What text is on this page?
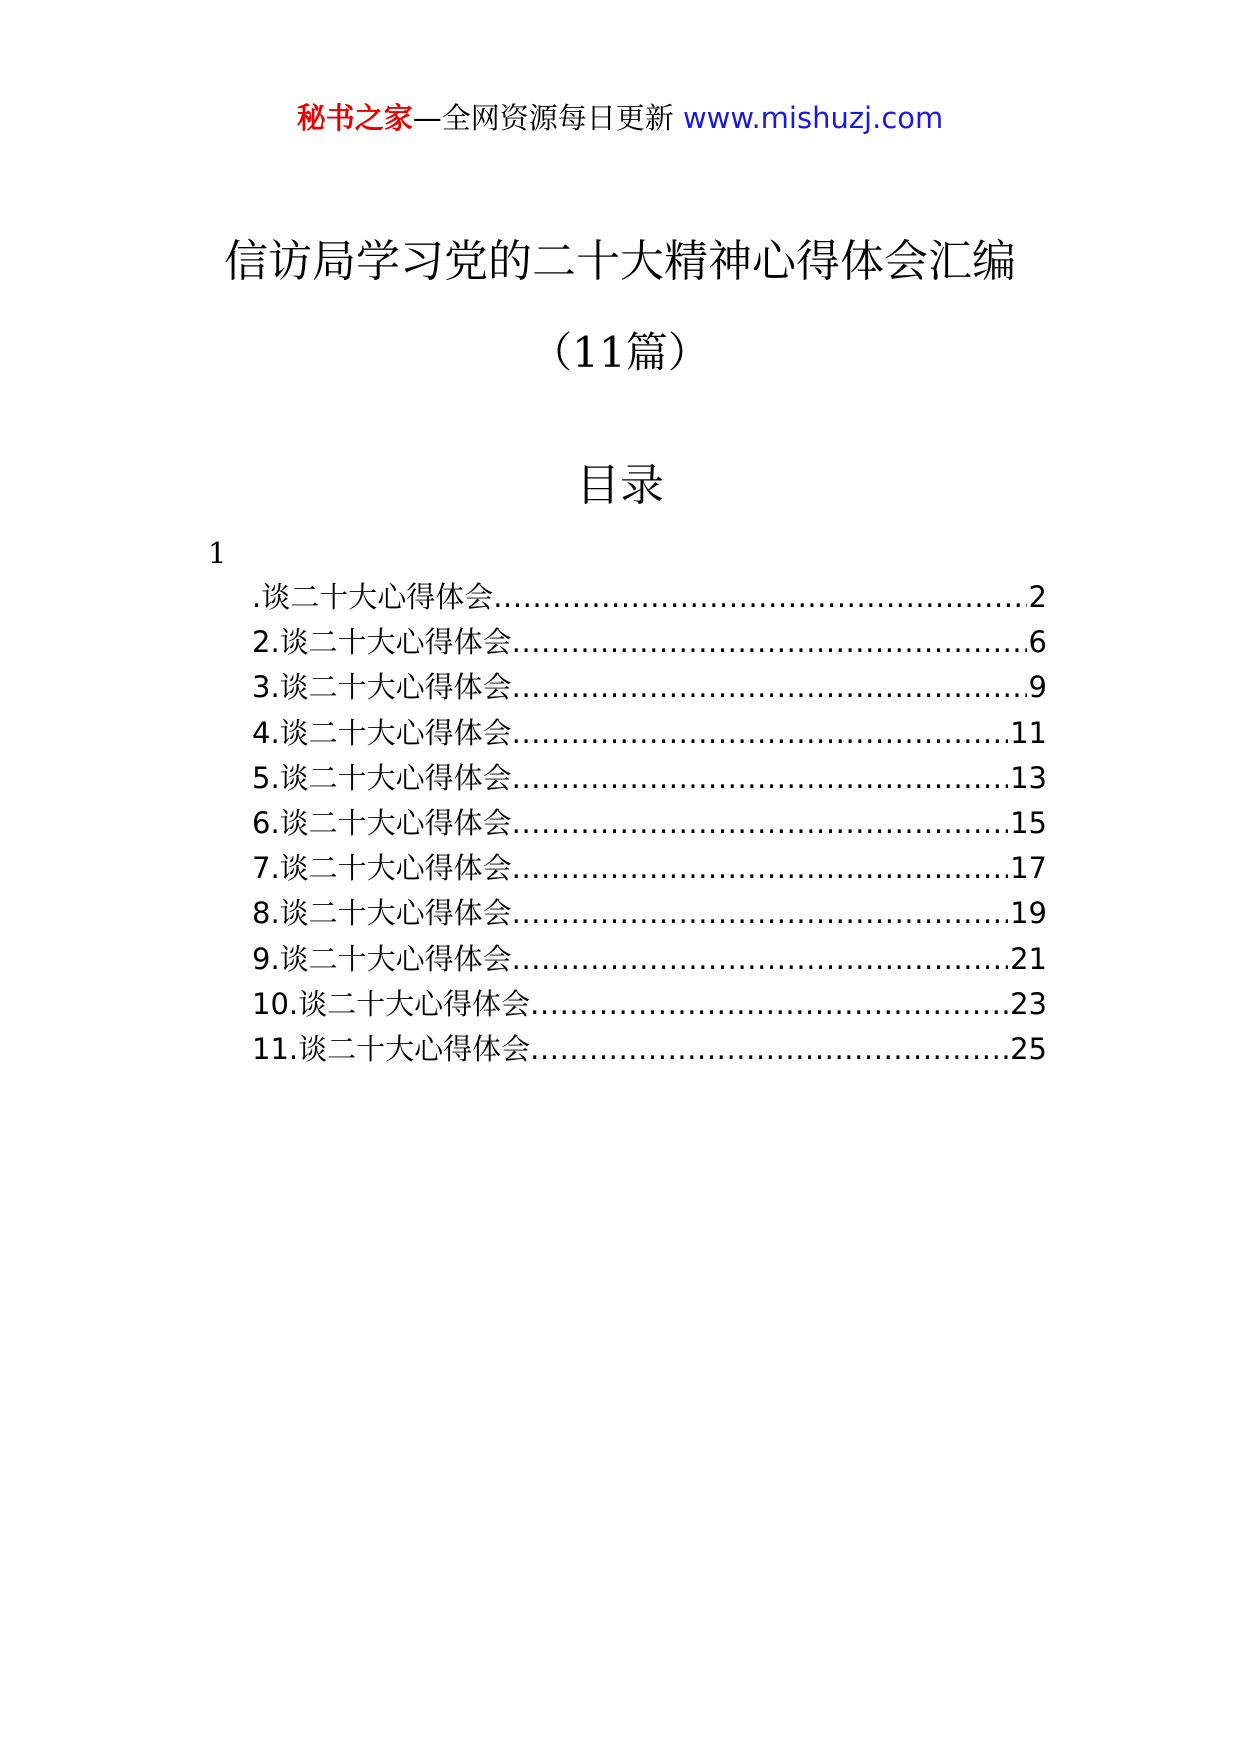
秘书之家—全网资源每日更新 www.mishuzj.com
信访局学习党的二十大精神心得体会汇编
（11篇）
目录
1
.谈二十大心得体会 .....	2
2.谈二十大心得体会 .....	6
3.谈二十大心得体会 .....	9
4.谈二十大心得体会 .....	11
5.谈二十大心得体会 .....	13
6.谈二十大心得体会 .....	15
7.谈二十大心得体会 .....	17
8.谈二十大心得体会 .....	19
9.谈二十大心得体会 .....	21
10.谈二十大心得体会 .....	23
11.谈二十大心得体会 .....	25
